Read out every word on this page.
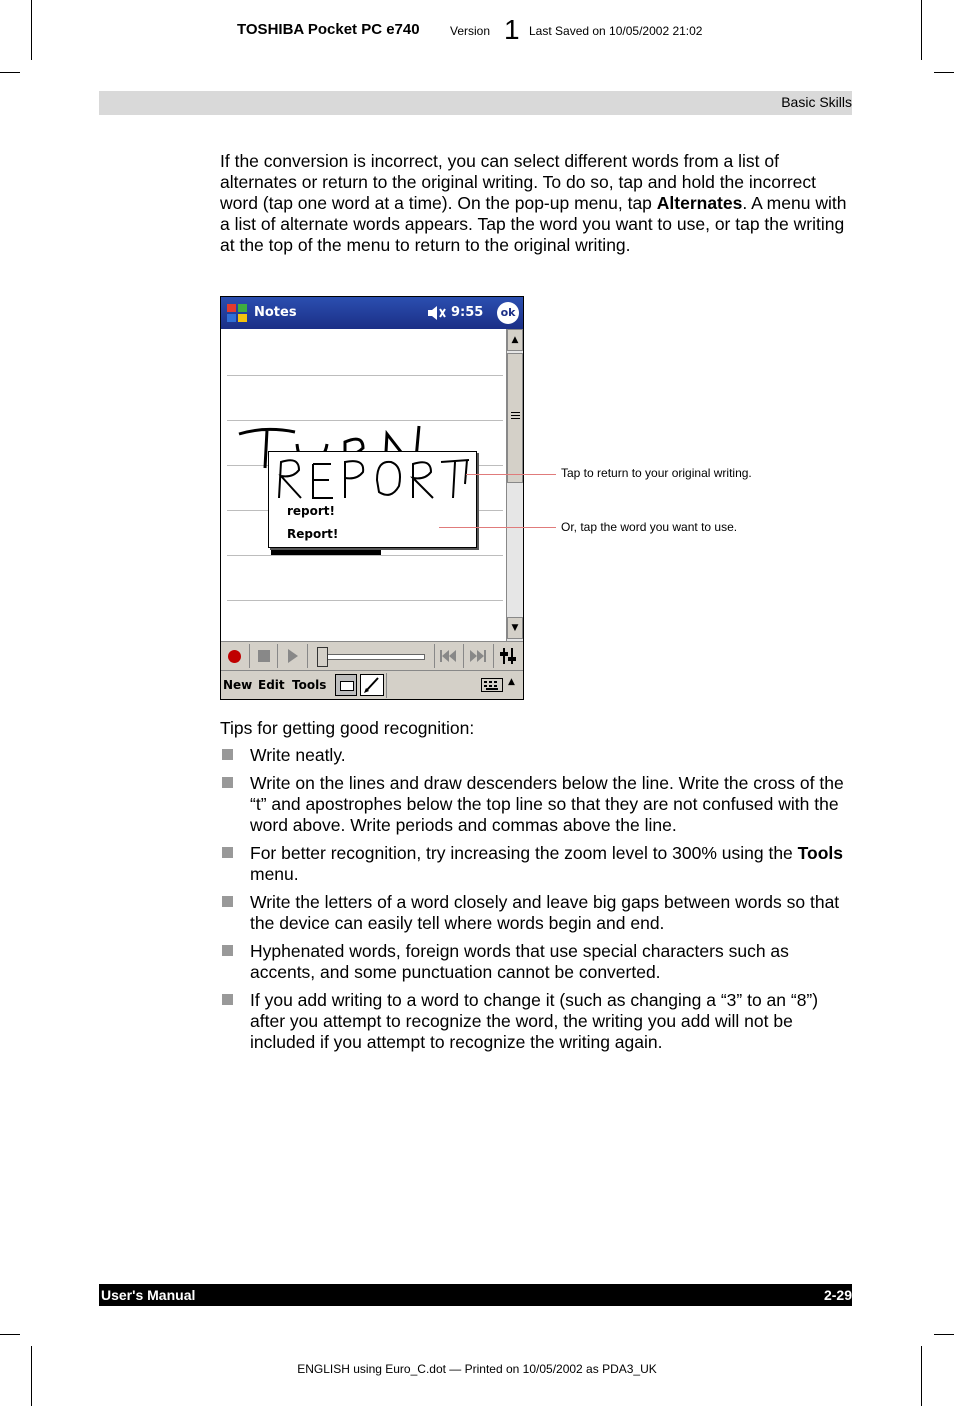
TOSHIBA Pocket PC e740	Version 1 Last Saved on 10/05/2002 21:02
Basic Skills

If the conversion is incorrect, you can select different words from a list of alternates or return to the original writing. To do so, tap and hold the incorrect word (tap one word at a time). On the pop-up menu, tap Alternates. A menu with a list of alternate words appears. Tap the word you want to use, or tap the writing at the top of the menu to return to the original writing.

Notes	9:55	ok
TuRN
REPORT!
report!
Report!
▲
▼
New Edit Tools	▲
Tap to return to your original writing.
Or, tap the word you want to use.
Tips for getting good recognition:
Write neatly.
Write on the lines and draw descenders below the line. Write the cross of the “t” and apostrophes below the top line so that they are not confused with the word above. Write periods and commas above the line.
For better recognition, try increasing the zoom level to 300% using the Tools menu.
Write the letters of a word closely and leave big gaps between words so that the device can easily tell where words begin and end.
Hyphenated words, foreign words that use special characters such as accents, and some punctuation cannot be converted.
If you add writing to a word to change it (such as changing a “3” to an “8”) after you attempt to recognize the word, the writing you add will not be included if you attempt to recognize the writing again.
User's Manual	2-29
ENGLISH using Euro_C.dot — Printed on 10/05/2002 as PDA3_UK
